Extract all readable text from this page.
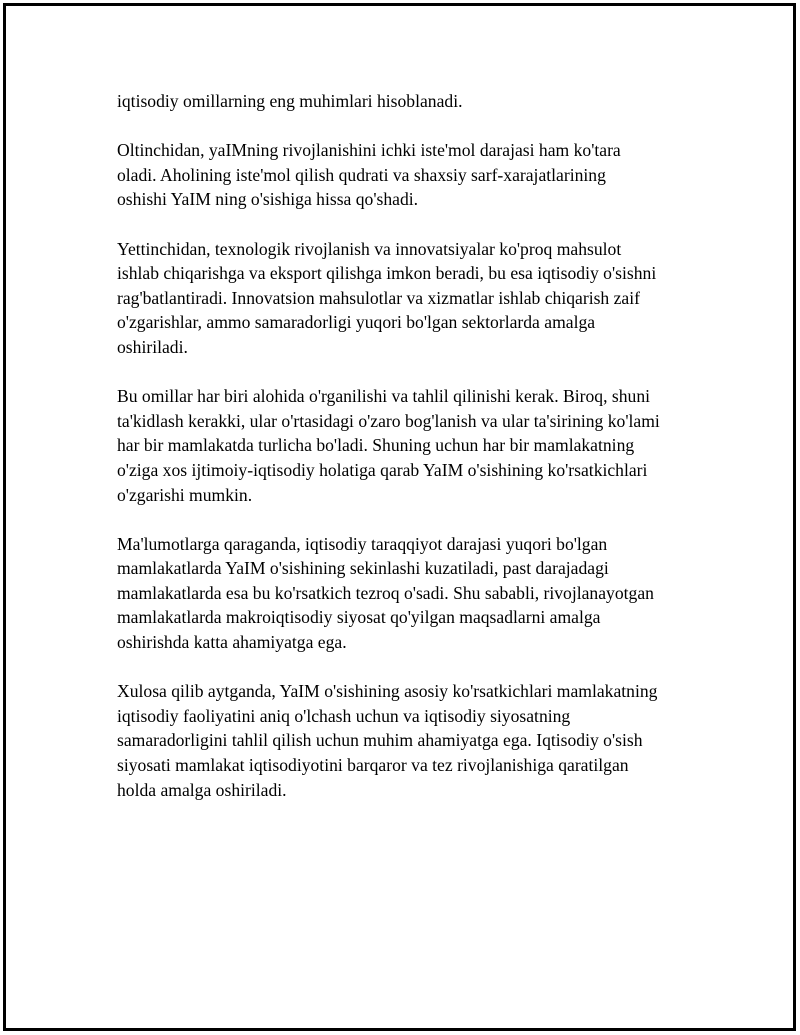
iqtisodiy omillarning eng muhimlari hisoblanadi.

Oltinchidan, yaIMning rivojlanishini ichki iste'mol darajasi ham ko'tara
oladi. Aholining iste'mol qilish qudrati va shaxsiy sarf-xarajatlarining
oshishi YaIM ning o'sishiga hissa qo'shadi.

Yettinchidan, texnologik rivojlanish va innovatsiyalar ko'proq mahsulot
ishlab chiqarishga va eksport qilishga imkon beradi, bu esa iqtisodiy o'sishni
rag'batlantiradi. Innovatsion mahsulotlar va xizmatlar ishlab chiqarish zaif
o'zgarishlar, ammo samaradorligi yuqori bo'lgan sektorlarda amalga
oshiriladi.

Bu omillar har biri alohida o'rganilishi va tahlil qilinishi kerak. Biroq, shuni
ta'kidlash kerakki, ular o'rtasidagi o'zaro bog'lanish va ular ta'sirining ko'lami
har bir mamlakatda turlicha bo'ladi. Shuning uchun har bir mamlakatning
o'ziga xos ijtimoiy-iqtisodiy holatiga qarab YaIM o'sishining ko'rsatkichlari
o'zgarishi mumkin.

Ma'lumotlarga qaraganda, iqtisodiy taraqqiyot darajasi yuqori bo'lgan
mamlakatlarda YaIM o'sishining sekinlashi kuzatiladi, past darajadagi
mamlakatlarda esa bu ko'rsatkich tezroq o'sadi. Shu sababli, rivojlanayotgan
mamlakatlarda makroiqtisodiy siyosat qo'yilgan maqsadlarni amalga
oshirishda katta ahamiyatga ega.

Xulosa qilib aytganda, YaIM o'sishining asosiy ko'rsatkichlari mamlakatning
iqtisodiy faoliyatini aniq o'lchash uchun va iqtisodiy siyosatning
samaradorligini tahlil qilish uchun muhim ahamiyatga ega. Iqtisodiy o'sish
siyosati mamlakat iqtisodiyotini barqaror va tez rivojlanishiga qaratilgan
holda amalga oshiriladi.
